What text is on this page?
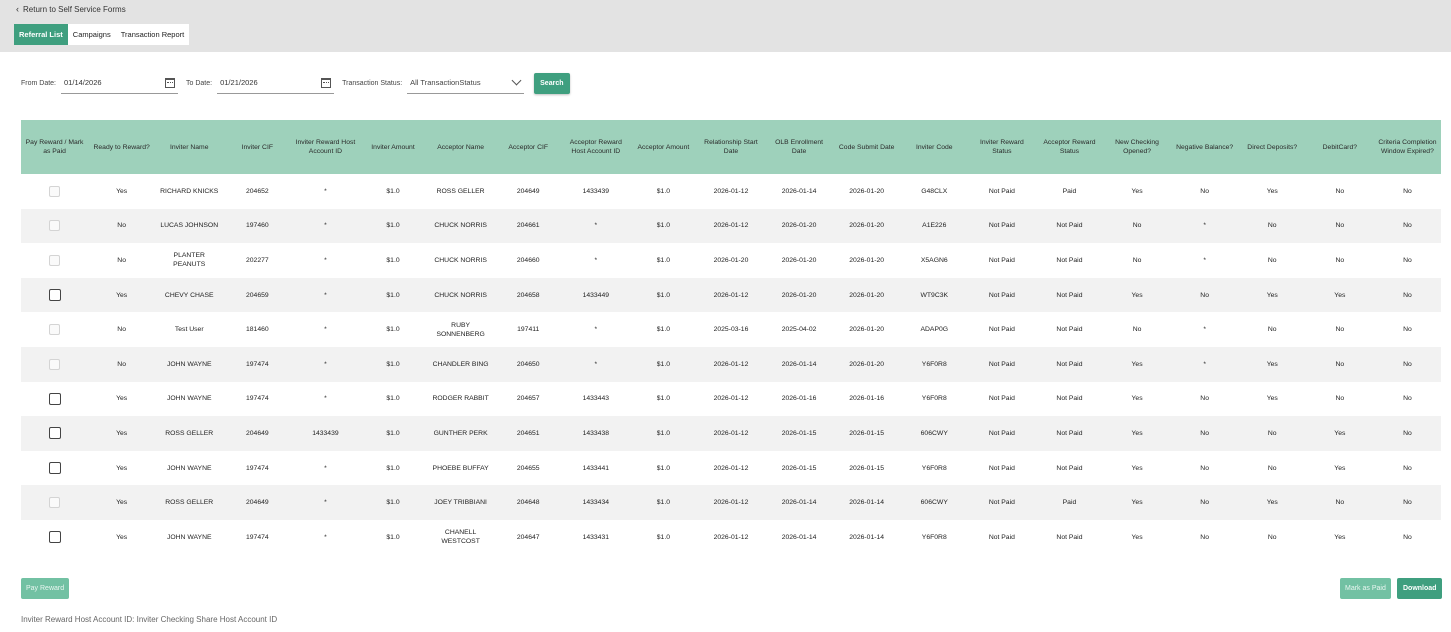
‹ Return to Self Service Forms
Referral List	Campaigns	Transaction Report
From Date: 01/14/2026	To Date: 01/21/2026	Transaction Status: All TransactionStatus	Search
Pay Reward / Mark as Paid	Ready to Reward?	Inviter Name	Inviter CIF	Inviter Reward Host Account ID	Inviter Amount	Acceptor Name	Acceptor CIF	Acceptor Reward Host Account ID	Acceptor Amount	Relationship Start Date	OLB Enrollment Date	Code Submit Date	Inviter Code	Inviter Reward Status	Acceptor Reward Status	New Checking Opened?	Negative Balance?	Direct Deposits?	DebitCard?	Criteria Completion Window Expired?
	Yes	RICHARD KNICKS	204652	*	$1.0	ROSS GELLER	204649	1433439	$1.0	2026-01-12	2026-01-14	2026-01-20	G48CLX	Not Paid	Paid	Yes	No	Yes	No	No
	No	LUCAS JOHNSON	197460	*	$1.0	CHUCK NORRIS	204661	*	$1.0	2026-01-12	2026-01-20	2026-01-20	A1E226	Not Paid	Not Paid	No	*	No	No	No
	No	PLANTER PEANUTS	202277	*	$1.0	CHUCK NORRIS	204660	*	$1.0	2026-01-20	2026-01-20	2026-01-20	X5AGN6	Not Paid	Not Paid	No	*	No	No	No
	Yes	CHEVY CHASE	204659	*	$1.0	CHUCK NORRIS	204658	1433449	$1.0	2026-01-12	2026-01-20	2026-01-20	WT9C3K	Not Paid	Not Paid	Yes	No	Yes	Yes	No
	No	Test User	181460	*	$1.0	RUBY SONNENBERG	197411	*	$1.0	2025-03-16	2025-04-02	2026-01-20	ADAP0G	Not Paid	Not Paid	No	*	No	No	No
	No	JOHN WAYNE	197474	*	$1.0	CHANDLER BING	204650	*	$1.0	2026-01-12	2026-01-14	2026-01-20	Y6F0R8	Not Paid	Not Paid	Yes	*	Yes	No	No
	Yes	JOHN WAYNE	197474	*	$1.0	RODGER RABBIT	204657	1433443	$1.0	2026-01-12	2026-01-16	2026-01-16	Y6F0R8	Not Paid	Not Paid	Yes	No	Yes	No	No
	Yes	ROSS GELLER	204649	1433439	$1.0	GUNTHER PERK	204651	1433438	$1.0	2026-01-12	2026-01-15	2026-01-15	606CWY	Not Paid	Not Paid	Yes	No	No	Yes	No
	Yes	JOHN WAYNE	197474	*	$1.0	PHOEBE BUFFAY	204655	1433441	$1.0	2026-01-12	2026-01-15	2026-01-15	Y6F0R8	Not Paid	Not Paid	Yes	No	No	Yes	No
	Yes	ROSS GELLER	204649	*	$1.0	JOEY TRIBBIANI	204648	1433434	$1.0	2026-01-12	2026-01-14	2026-01-14	606CWY	Not Paid	Paid	Yes	No	Yes	No	No
	Yes	JOHN WAYNE	197474	*	$1.0	CHANELL WESTCOST	204647	1433431	$1.0	2026-01-12	2026-01-14	2026-01-14	Y6F0R8	Not Paid	Not Paid	Yes	No	No	Yes	No
Pay Reward	Mark as Paid	Download
Inviter Reward Host Account ID: Inviter Checking Share Host Account ID
